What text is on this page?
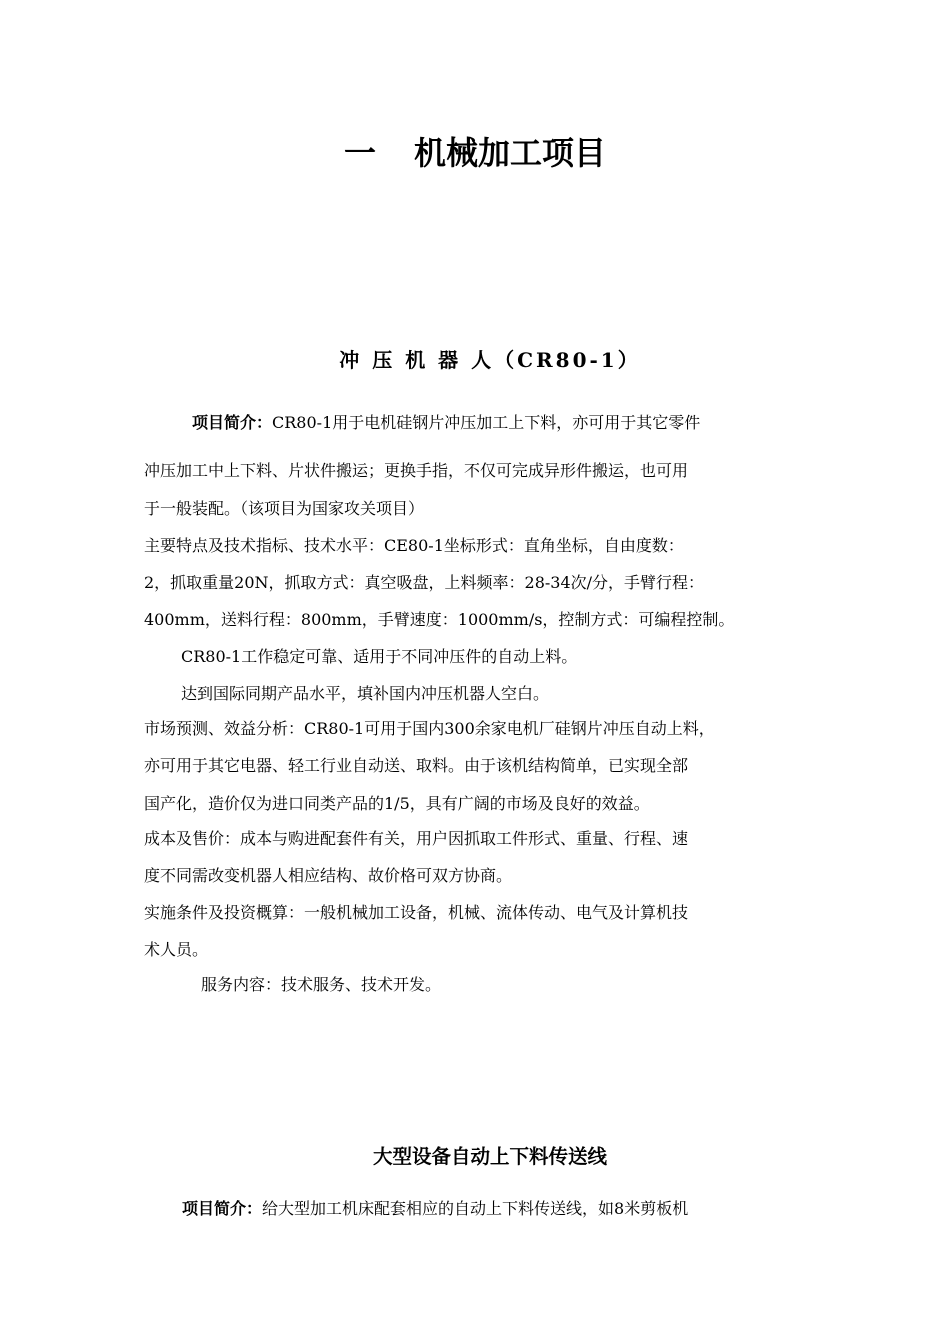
一 机械加工项目
冲 压 机 器 人（CR80-1）

项目简介：CR80-1用于电机硅钢片冲压加工上下料，亦可用于其它零件

冲压加工中上下料、片状件搬运；更换手指，不仅可完成异形件搬运，也可用

于一般装配。（该项目为国家攻关项目）

主要特点及技术指标、技术水平：CE80-1坐标形式：直角坐标，自由度数：

2，抓取重量20N，抓取方式：真空吸盘，上料频率：28-34次/分，手臂行程：

400mm，送料行程：800mm，手臂速度：1000mm/s，控制方式：可编程控制。

CR80-1工作稳定可靠、适用于不同冲压件的自动上料。

达到国际同期产品水平，填补国内冲压机器人空白。

市场预测、效益分析：CR80-1可用于国内300余家电机厂硅钢片冲压自动上料，

亦可用于其它电器、轻工行业自动送、取料。由于该机结构简单，已实现全部

国产化，造价仅为进口同类产品的1/5，具有广阔的市场及良好的效益。

成本及售价：成本与购进配套件有关，用户因抓取工件形式、重量、行程、速

度不同需改变机器人相应结构、故价格可双方协商。

实施条件及投资概算：一般机械加工设备，机械、流体传动、电气及计算机技

术人员。

服务内容：技术服务、技术开发。

大型设备自动上下料传送线

项目简介：给大型加工机床配套相应的自动上下料传送线，如8米剪板机
